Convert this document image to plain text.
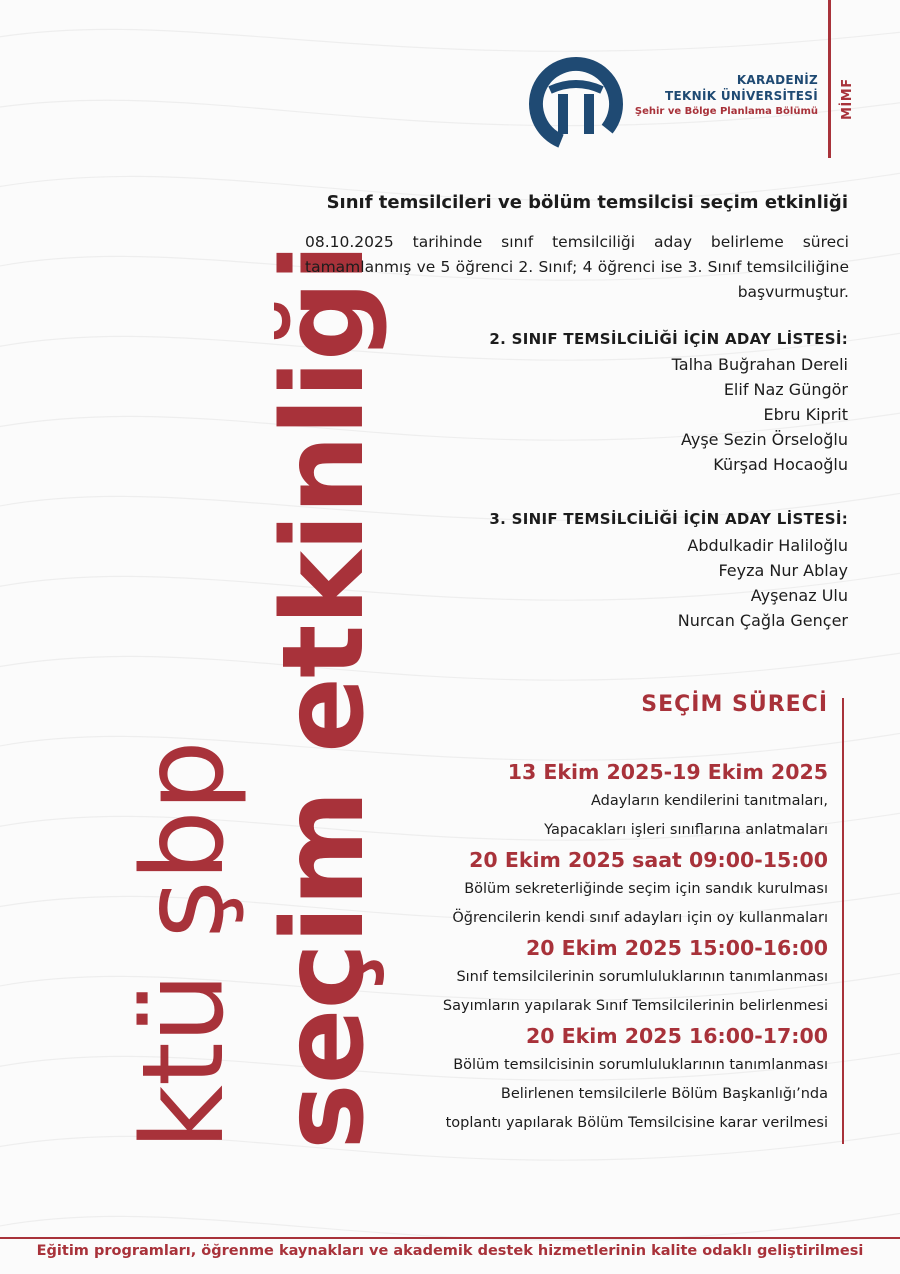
KARADENİZ
TEKNİK ÜNİVERSİTESİ
Şehir ve Bölge Planlama Bölümü MİMF
seçim etkinliği
ktü şbp
Sınıf temsilcileri ve bölüm temsilcisi seçim etkinliği
08.10.2025 tarihinde sınıf temsilciliği aday belirleme süreci tamamlanmış ve 5 öğrenci 2. Sınıf; 4 öğrenci ise 3. Sınıf temsilciliğine başvurmuştur.
2. SINIF TEMSİLCİLİĞİ İÇİN ADAY LİSTESİ:
Talha Buğrahan Dereli
Elif Naz Güngör
Ebru Kiprit
Ayşe Sezin Örseloğlu
Kürşad Hocaoğlu
3. SINIF TEMSİLCİLİĞİ İÇİN ADAY LİSTESİ:
Abdulkadir Haliloğlu
Feyza Nur Ablay
Ayşenaz Ulu
Nurcan Çağla Gençer
SEÇİM SÜRECİ
13 Ekim 2025-19 Ekim 2025
Adayların kendilerini tanıtmaları,
Yapacakları işleri sınıflarına anlatmaları
20 Ekim 2025 saat 09:00-15:00
Bölüm sekreterliğinde seçim için sandık kurulması
Öğrencilerin kendi sınıf adayları için oy kullanmaları
20 Ekim 2025 15:00-16:00
Sınıf temsilcilerinin sorumluluklarının tanımlanması
Sayımların yapılarak Sınıf Temsilcilerinin belirlenmesi
20 Ekim 2025 16:00-17:00
Bölüm temsilcisinin sorumluluklarının tanımlanması
Belirlenen temsilcilerle Bölüm Başkanlığı’nda
toplantı yapılarak Bölüm Temsilcisine karar verilmesi
Eğitim programları, öğrenme kaynakları ve akademik destek hizmetlerinin kalite odaklı geliştirilmesi
